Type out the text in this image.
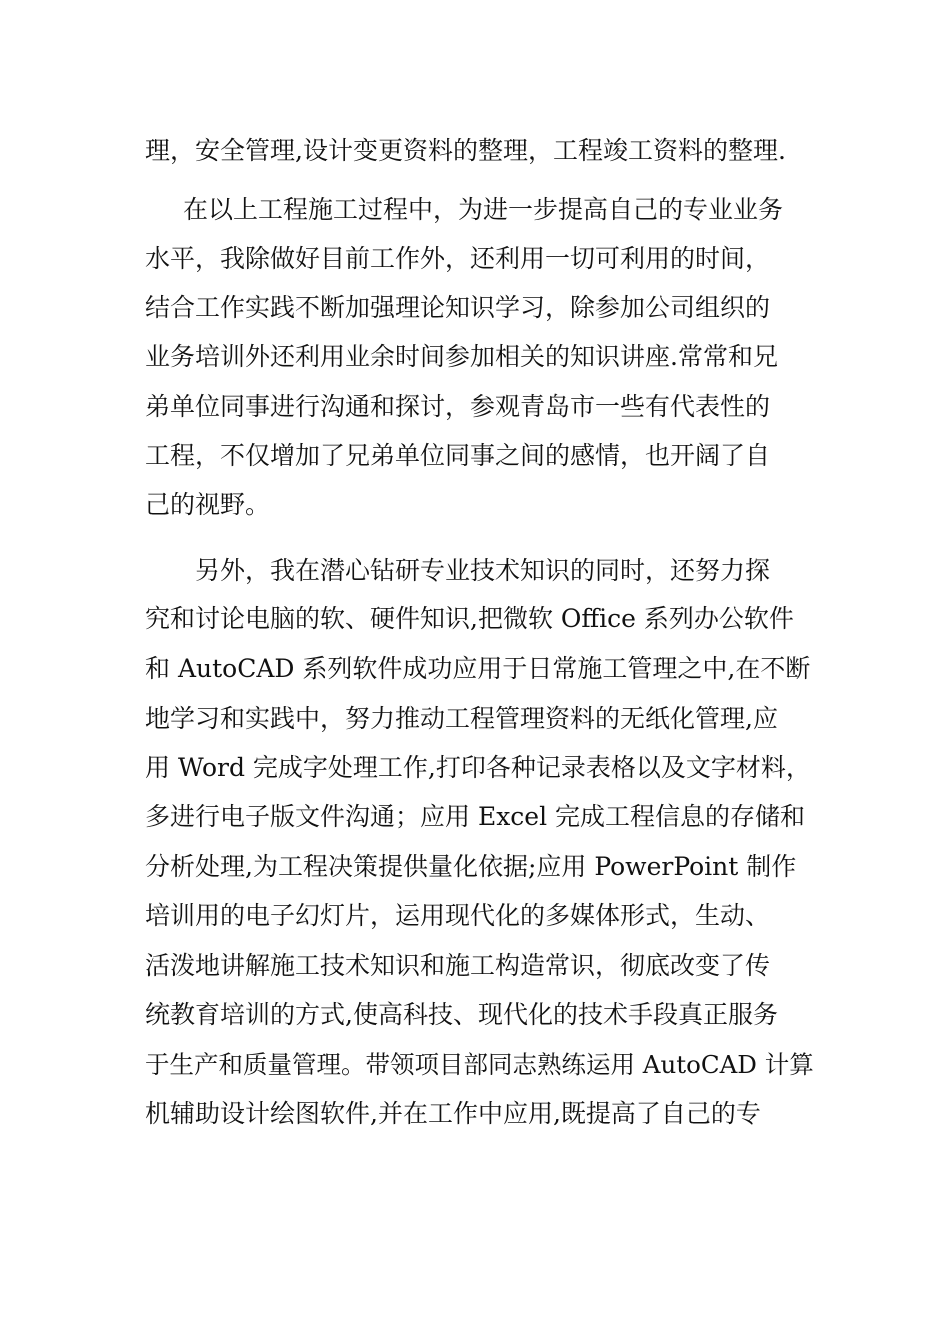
理，安全管理,设计变更资料的整理，工程竣工资料的整理.
在以上工程施工过程中，为进一步提高自己的专业业务
水平，我除做好目前工作外，还利用一切可利用的时间，
结合工作实践不断加强理论知识学习，除参加公司组织的
业务培训外还利用业余时间参加相关的知识讲座.常常和兄
弟单位同事进行沟通和探讨，参观青岛市一些有代表性的
工程，不仅增加了兄弟单位同事之间的感情，也开阔了自
己的视野。
另外，我在潜心钻研专业技术知识的同时，还努力探
究和讨论电脑的软、硬件知识,把微软 Office 系列办公软件
和 AutoCAD 系列软件成功应用于日常施工管理之中,在不断
地学习和实践中，努力推动工程管理资料的无纸化管理,应
用 Word 完成字处理工作,打印各种记录表格以及文字材料，
多进行电子版文件沟通；应用 Excel 完成工程信息的存储和
分析处理,为工程决策提供量化依据;应用 PowerPoint 制作
培训用的电子幻灯片，运用现代化的多媒体形式，生动、
活泼地讲解施工技术知识和施工构造常识，彻底改变了传
统教育培训的方式,使高科技、现代化的技术手段真正服务
于生产和质量管理。带领项目部同志熟练运用 AutoCAD 计算
机辅助设计绘图软件,并在工作中应用,既提高了自己的专
